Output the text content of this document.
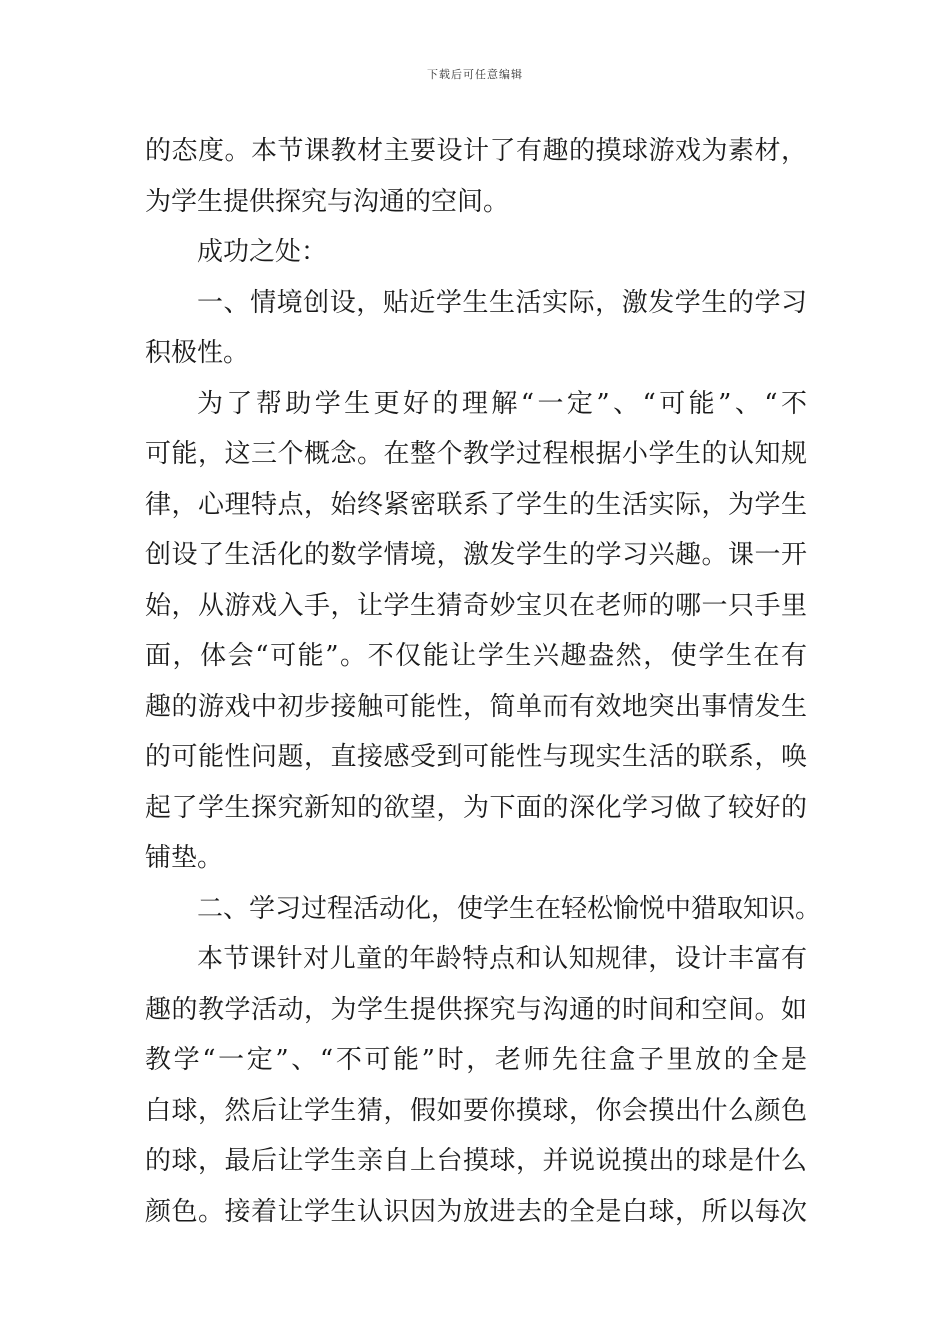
下载后可任意编辑
的态度。本节课教材主要设计了有趣的摸球游戏为素材，
为学生提供探究与沟通的空间。
成功之处：
一、情境创设，贴近学生生活实际，激发学生的学习
积极性。
为了帮助学生更好的理解“一定”、“可能”、“不
可能，这三个概念。在整个教学过程根据小学生的认知规
律，心理特点，始终紧密联系了学生的生活实际，为学生
创设了生活化的数学情境，激发学生的学习兴趣。课一开
始，从游戏入手，让学生猜奇妙宝贝在老师的哪一只手里
面，体会“可能”。不仅能让学生兴趣盎然，使学生在有
趣的游戏中初步接触可能性，简单而有效地突出事情发生
的可能性问题，直接感受到可能性与现实生活的联系，唤
起了学生探究新知的欲望，为下面的深化学习做了较好的
铺垫。
二、学习过程活动化，使学生在轻松愉悦中猎取知识。
本节课针对儿童的年龄特点和认知规律，设计丰富有
趣的教学活动，为学生提供探究与沟通的时间和空间。如
教学“一定”、“不可能”时，老师先往盒子里放的全是
白球，然后让学生猜，假如要你摸球，你会摸出什么颜色
的球，最后让学生亲自上台摸球，并说说摸出的球是什么
颜色。接着让学生认识因为放进去的全是白球，所以每次
